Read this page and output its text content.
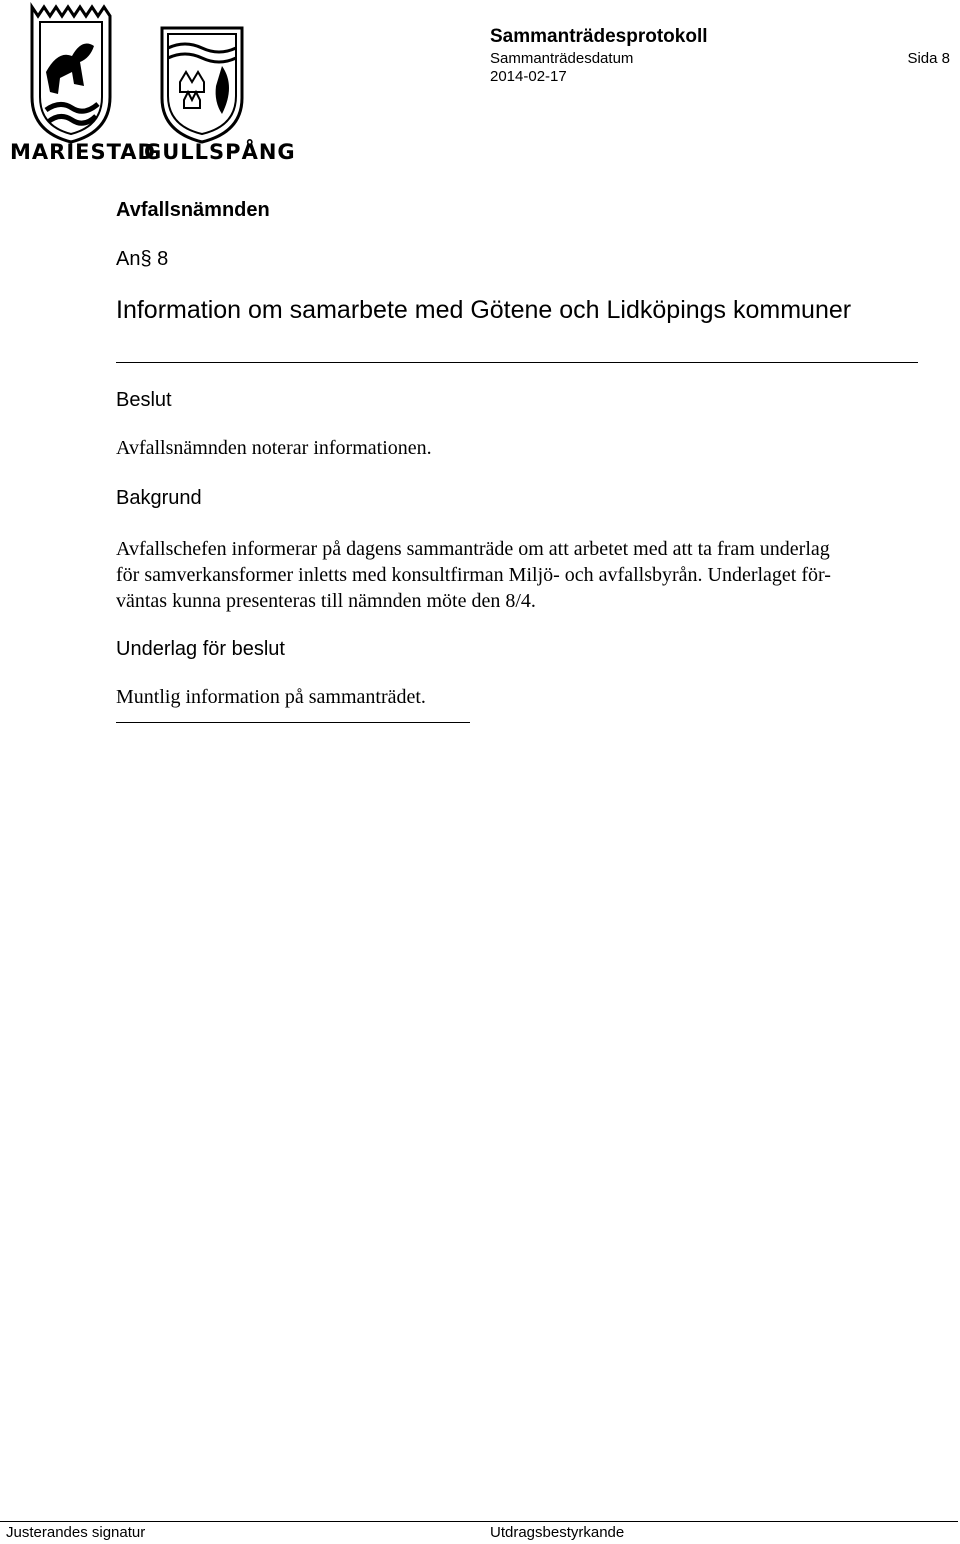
MARIESTAD
GULLSPÅNG
Sammanträdesprotokoll
Sammanträdesdatum
2014-02-17
Sida 8
Avfallsnämnden
An§ 8
Information om samarbete med Götene och Lidköpings kommuner
Beslut
Avfallsnämnden noterar informationen.
Bakgrund
Avfallschefen informerar på dagens sammanträde om att arbetet med att ta fram underlag
för samverkansformer inletts med konsultfirman Miljö- och avfallsbyrån. Underlaget för-
väntas kunna presenteras till nämnden möte den 8/4.
Underlag för beslut
Muntlig information på sammanträdet.
Justerandes signatur	Utdragsbestyrkande
